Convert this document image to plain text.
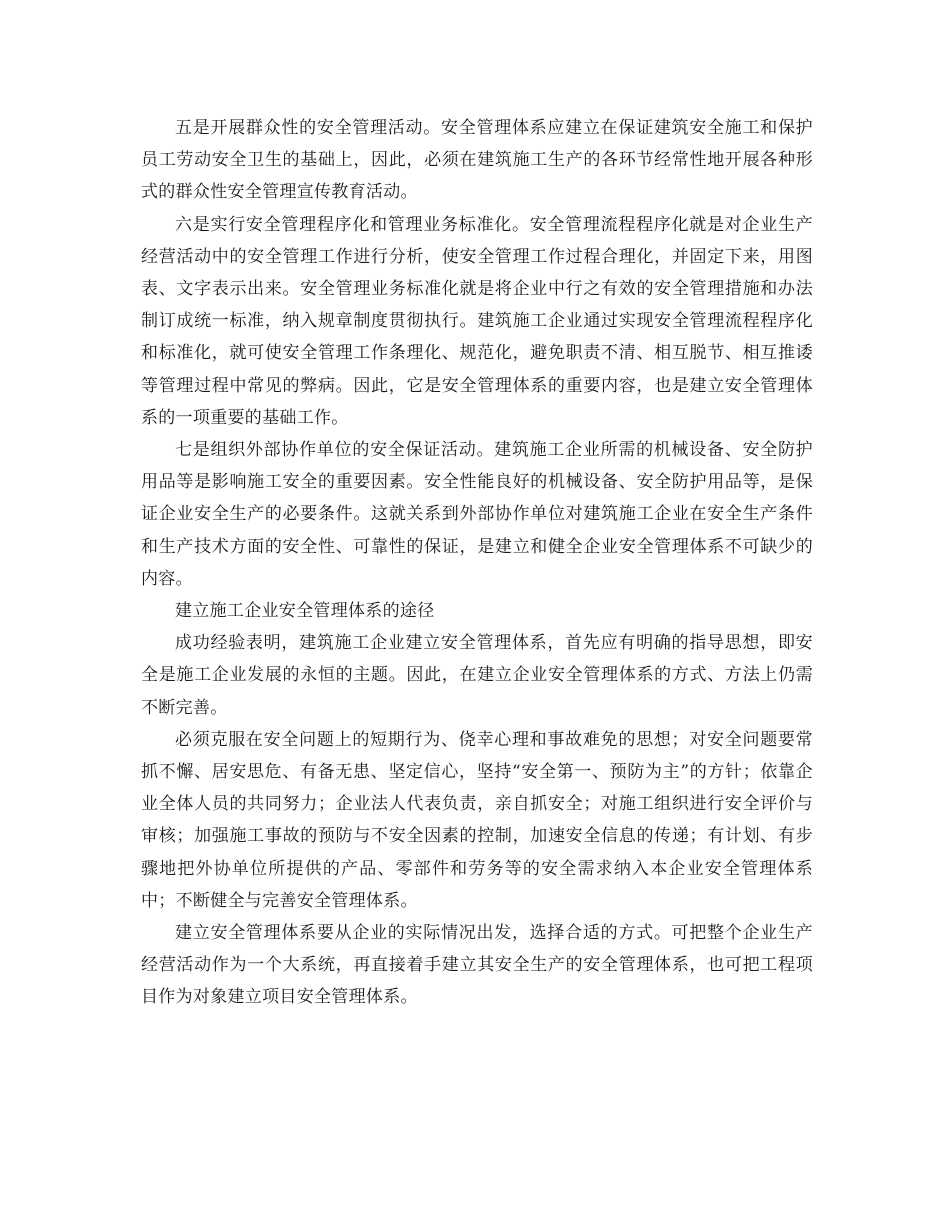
五是开展群众性的安全管理活动。安全管理体系应建立在保证建筑安全施工和保护员工劳动安全卫生的基础上，因此，必须在建筑施工生产的各环节经常性地开展各种形式的群众性安全管理宣传教育活动。

六是实行安全管理程序化和管理业务标准化。安全管理流程程序化就是对企业生产经营活动中的安全管理工作进行分析，使安全管理工作过程合理化，并固定下来，用图表、文字表示出来。安全管理业务标准化就是将企业中行之有效的安全管理措施和办法制订成统一标准，纳入规章制度贯彻执行。建筑施工企业通过实现安全管理流程程序化和标准化，就可使安全管理工作条理化、规范化，避免职责不清、相互脱节、相互推诿等管理过程中常见的弊病。因此，它是安全管理体系的重要内容，也是建立安全管理体系的一项重要的基础工作。

七是组织外部协作单位的安全保证活动。建筑施工企业所需的机械设备、安全防护用品等是影响施工安全的重要因素。安全性能良好的机械设备、安全防护用品等，是保证企业安全生产的必要条件。这就关系到外部协作单位对建筑施工企业在安全生产条件和生产技术方面的安全性、可靠性的保证，是建立和健全企业安全管理体系不可缺少的内容。

建立施工企业安全管理体系的途径

成功经验表明，建筑施工企业建立安全管理体系，首先应有明确的指导思想，即安全是施工企业发展的永恒的主题。因此，在建立企业安全管理体系的方式、方法上仍需不断完善。

必须克服在安全问题上的短期行为、侥幸心理和事故难免的思想；对安全问题要常抓不懈、居安思危、有备无患、坚定信心，坚持“安全第一、预防为主”的方针；依靠企业全体人员的共同努力；企业法人代表负责，亲自抓安全；对施工组织进行安全评价与审核；加强施工事故的预防与不安全因素的控制，加速安全信息的传递；有计划、有步骤地把外协单位所提供的产品、零部件和劳务等的安全需求纳入本企业安全管理体系中；不断健全与完善安全管理体系。

建立安全管理体系要从企业的实际情况出发，选择合适的方式。可把整个企业生产经营活动作为一个大系统，再直接着手建立其安全生产的安全管理体系，也可把工程项目作为对象建立项目安全管理体系。
